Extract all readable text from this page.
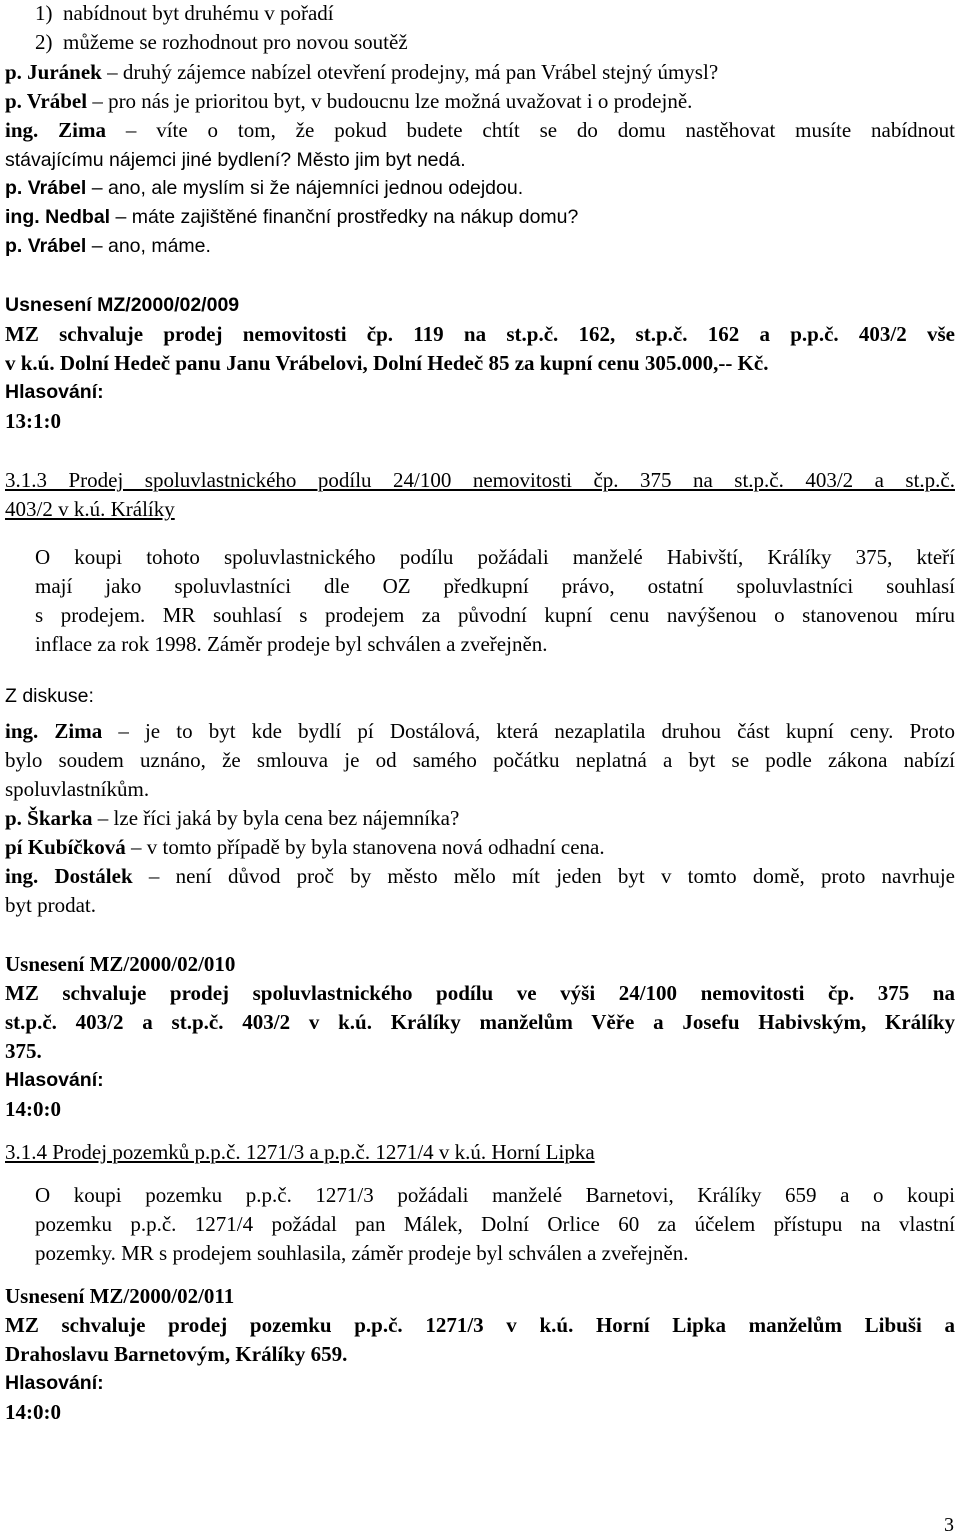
1)  nabídnout byt druhému v pořadí
2)  můžeme se rozhodnout pro novou soutěž
p. Juránek – druhý zájemce nabízel otevření prodejny, má pan Vrábel stejný úmysl?
p. Vrábel – pro nás je prioritou byt, v budoucnu lze možná uvažovat i o prodejně.
ing. Zima – víte o tom, že pokud budete chtít se do domu nastěhovat musíte nabídnout
stávajícímu nájemci jiné bydlení? Město jim byt nedá.
p. Vrábel – ano, ale myslím si že nájemníci jednou odejdou.
ing. Nedbal – máte zajištěné finanční prostředky na nákup domu?
p. Vrábel – ano, máme.
Usnesení MZ/2000/02/009
MZ schvaluje prodej nemovitosti čp. 119 na st.p.č. 162, st.p.č. 162 a p.p.č. 403/2 vše
v k.ú. Dolní Hedeč panu Janu Vrábelovi, Dolní Hedeč 85 za kupní cenu 305.000,-- Kč.
Hlasování:
13:1:0
3.1.3 Prodej spoluvlastnického podílu 24/100 nemovitosti čp. 375 na st.p.č. 403/2 a st.p.č.
403/2 v k.ú. Králíky
O koupi tohoto spoluvlastnického podílu požádali manželé Habivští, Králíky 375, kteří
mají jako spoluvlastníci dle OZ předkupní právo, ostatní spoluvlastníci souhlasí
s prodejem. MR souhlasí s prodejem za původní kupní cenu navýšenou o stanovenou míru
inflace za rok 1998. Záměr prodeje byl schválen a zveřejněn.
Z diskuse:
ing. Zima – je to byt kde bydlí pí Dostálová, která nezaplatila druhou část kupní ceny. Proto
bylo soudem uznáno, že smlouva je od samého počátku neplatná a byt se podle zákona nabízí
spoluvlastníkům.
p. Škarka – lze říci jaká by byla cena bez nájemníka?
pí Kubíčková – v tomto případě by byla stanovena nová odhadní cena.
ing. Dostálek – není důvod proč by město mělo mít jeden byt v tomto domě, proto navrhuje
byt prodat.
Usnesení MZ/2000/02/010
MZ schvaluje prodej spoluvlastnického podílu ve výši 24/100 nemovitosti čp. 375 na
st.p.č. 403/2 a st.p.č. 403/2 v k.ú. Králíky manželům Věře a Josefu Habivským, Králíky
375.
Hlasování:
14:0:0
3.1.4 Prodej pozemků p.p.č. 1271/3 a p.p.č. 1271/4 v k.ú. Horní Lipka
O koupi pozemku p.p.č. 1271/3 požádali manželé Barnetovi, Králíky 659 a o koupi
pozemku p.p.č. 1271/4 požádal pan Málek, Dolní Orlice 60 za účelem přístupu na vlastní
pozemky. MR s prodejem souhlasila, záměr prodeje byl schválen a zveřejněn.
Usnesení MZ/2000/02/011
MZ schvaluje prodej pozemku p.p.č. 1271/3 v k.ú. Horní Lipka manželům Libuši a
Drahoslavu Barnetovým, Králíky 659.
Hlasování:
14:0:0
3
